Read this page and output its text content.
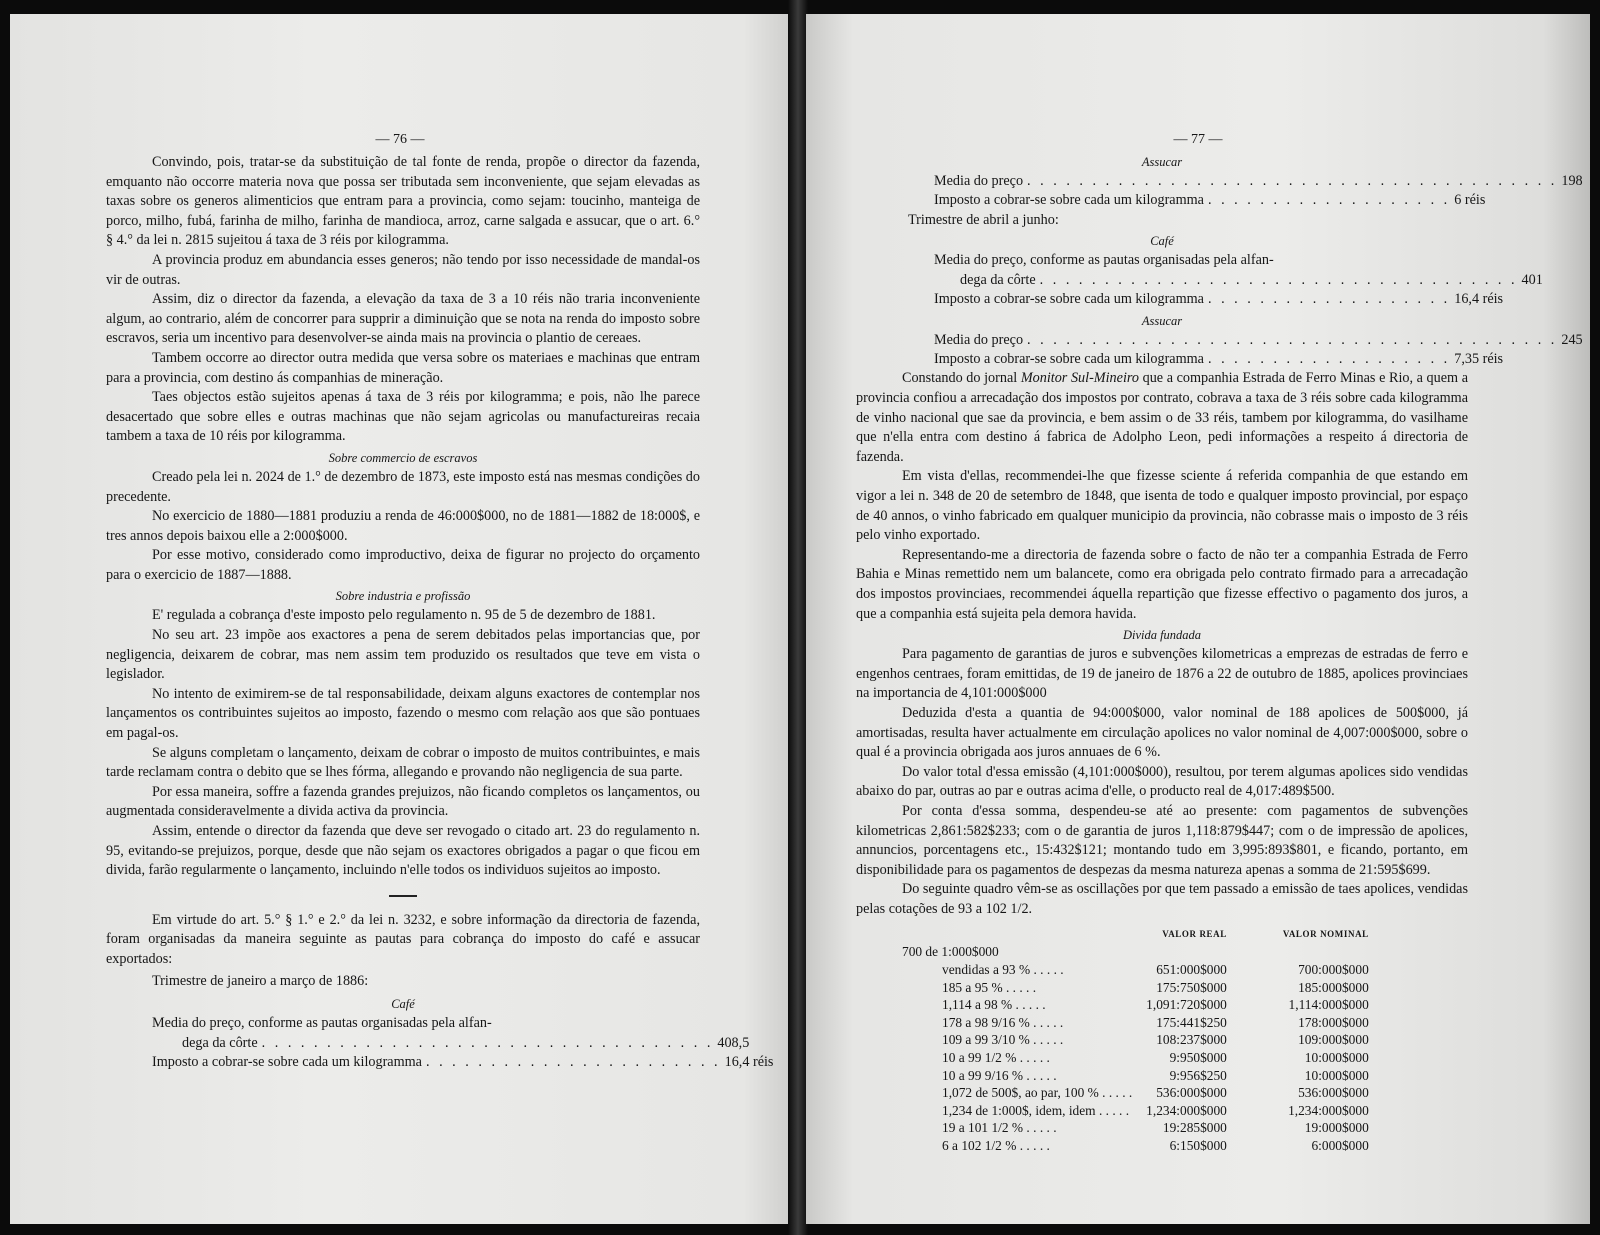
— 76 —

Convindo, pois, tratar-se da substituição de tal fonte de renda, propõe o director da fazenda, emquanto não occorre materia nova que possa ser tributada sem inconveniente, que sejam elevadas as taxas sobre os generos alimenticios que entram para a provincia, como sejam: toucinho, manteiga de porco, milho, fubá, farinha de milho, farinha de mandioca, arroz, carne salgada e assucar, que o art. 6.° § 4.° da lei n. 2815 sujeitou á taxa de 3 réis por kilogramma.

A provincia produz em abundancia esses generos; não tendo por isso necessidade de mandal-os vir de outras.

Assim, diz o director da fazenda, a elevação da taxa de 3 a 10 réis não traria inconveniente algum, ao contrario, além de concorrer para supprir a diminuição que se nota na renda do imposto sobre escravos, seria um incentivo para desenvolver-se ainda mais na provincia o plantio de cereaes.

Tambem occorre ao director outra medida que versa sobre os materiaes e machinas que entram para a provincia, com destino ás companhias de mineração.

Taes objectos estão sujeitos apenas á taxa de 3 réis por kilogramma; e pois, não lhe parece desacertado que sobre elles e outras machinas que não sejam agricolas ou manufactureiras recaia tambem a taxa de 10 réis por kilogramma.

Sobre commercio de escravos

Creado pela lei n. 2024 de 1.° de dezembro de 1873, este imposto está nas mesmas condições do precedente.

No exercicio de 1880—1881 produziu a renda de 46:000$000, no de 1881—1882 de 18:000$, e tres annos depois baixou elle a 2:000$000.

Por esse motivo, considerado como improductivo, deixa de figurar no projecto do orçamento para o exercicio de 1887—1888.

Sobre industria e profissão

E' regulada a cobrança d'este imposto pelo regulamento n. 95 de 5 de dezembro de 1881.

No seu art. 23 impõe aos exactores a pena de serem debitados pelas importancias que, por negligencia, deixarem de cobrar, mas nem assim tem produzido os resultados que teve em vista o legislador.

No intento de eximirem-se de tal responsabilidade, deixam alguns exactores de contemplar nos lançamentos os contribuintes sujeitos ao imposto, fazendo o mesmo com relação aos que são pontuaes em pagal-os.

Se alguns completam o lançamento, deixam de cobrar o imposto de muitos contribuintes, e mais tarde reclamam contra o debito que se lhes fórma, allegando e provando não negligencia de sua parte.

Por essa maneira, soffre a fazenda grandes prejuizos, não ficando completos os lançamentos, ou augmentada consideravelmente a divida activa da provincia.

Assim, entende o director da fazenda que deve ser revogado o citado art. 23 do regulamento n. 95, evitando-se prejuizos, porque, desde que não sejam os exactores obrigados a pagar o que ficou em divida, farão regularmente o lançamento, incluindo n'elle todos os individuos sujeitos ao imposto.

Em virtude do art. 5.° § 1.° e 2.° da lei n. 3232, e sobre informação da directoria de fazenda, foram organisadas da maneira seguinte as pautas para cobrança do imposto do café e assucar exportados:

Trimestre de janeiro a março de 1886:

Café
Media do preço, conforme as pautas organisadas pela alfan-
dega da côrte . . . . . . . . . . . . . . . . . . . . . . . . . . . . . . . . . . . 408,5
Imposto a cobrar-se sobre cada um kilogramma . . . . . . . . . . . . . . . . . . . . . . . 16,4 réis
— 77 —
Assucar
Media do preço . . . . . . . . . . . . . . . . . . . . . . . . . . . . . . . . . . . . . . . . . 198
Imposto a cobrar-se sobre cada um kilogramma . . . . . . . . . . . . . . . . . . . 6 réis

Trimestre de abril a junho:

Café
Media do preço, conforme as pautas organisadas pela alfan-
dega da côrte . . . . . . . . . . . . . . . . . . . . . . . . . . . . . . . . . . . . . 401
Imposto a cobrar-se sobre cada um kilogramma . . . . . . . . . . . . . . . . . . . 16,4 réis
Assucar
Media do preço . . . . . . . . . . . . . . . . . . . . . . . . . . . . . . . . . . . . . . . . . 245
Imposto a cobrar-se sobre cada um kilogramma . . . . . . . . . . . . . . . . . . . 7,35 réis

Constando do jornal Monitor Sul-Mineiro que a companhia Estrada de Ferro Minas e Rio, a quem a provincia confiou a arrecadação dos impostos por contrato, cobrava a taxa de 3 réis sobre cada kilogramma de vinho nacional que sae da provincia, e bem assim o de 33 réis, tambem por kilogramma, do vasilhame que n'ella entra com destino á fabrica de Adolpho Leon, pedi informações a respeito á directoria de fazenda.

Em vista d'ellas, recommendei-lhe que fizesse sciente á referida companhia de que estando em vigor a lei n. 348 de 20 de setembro de 1848, que isenta de todo e qualquer imposto provincial, por espaço de 40 annos, o vinho fabricado em qualquer municipio da provincia, não cobrasse mais o imposto de 3 réis pelo vinho exportado.

Representando-me a directoria de fazenda sobre o facto de não ter a companhia Estrada de Ferro Bahia e Minas remettido nem um balancete, como era obrigada pelo contrato firmado para a arrecadação dos impostos provinciaes, recommendei áquella repartição que fizesse effectivo o pagamento dos juros, a que a companhia está sujeita pela demora havida.

Divida fundada

Para pagamento de garantias de juros e subvenções kilometricas a emprezas de estradas de ferro e engenhos centraes, foram emittidas, de 19 de janeiro de 1876 a 22 de outubro de 1885, apolices provinciaes na importancia de 4,101:000$000

Deduzida d'esta a quantia de 94:000$000, valor nominal de 188 apolices de 500$000, já amortisadas, resulta haver actualmente em circulação apolices no valor nominal de 4,007:000$000, sobre o qual é a provincia obrigada aos juros annuaes de 6 %.

Do valor total d'essa emissão (4,101:000$000), resultou, por terem algumas apolices sido vendidas abaixo do par, outras ao par e outras acima d'elle, o producto real de 4,017:489$500.

Por conta d'essa somma, despendeu-se até ao presente: com pagamentos de subvenções kilometricas 2,861:582$233; com o de garantia de juros 1,118:879$447; com o de impressão de apolices, annuncios, porcentagens etc., 15:432$121; montando tudo em 3,995:893$801, e ficando, portanto, em disponibilidade para os pagamentos de despezas da mesma natureza apenas a somma de 21:595$699.

Do seguinte quadro vêm-se as oscillações por que tem passado a emissão de taes apolices, vendidas pelas cotações de 93 a 102 1/2.

	VALOR REAL	VALOR NOMINAL
700 de 1:000$000		
vendidas a 93 % . . . . .	651:000$000	700:000$000
185 a 95 % . . . . .	175:750$000	185:000$000
1,114 a 98 % . . . . .	1,091:720$000	1,114:000$000
178 a 98 9/16 % . . . . .	175:441$250	178:000$000
109 a 99 3/10 % . . . . .	108:237$000	109:000$000
10 a 99 1/2 % . . . . .	9:950$000	10:000$000
10 a 99 9/16 % . . . . .	9:956$250	10:000$000
1,072 de 500$, ao par, 100 % . . . . .	536:000$000	536:000$000
1,234 de 1:000$, idem, idem . . . . .	1,234:000$000	1,234:000$000
19 a 101 1/2 % . . . . .	19:285$000	19:000$000
6 a 102 1/2 % . . . . .	6:150$000	6:000$000
